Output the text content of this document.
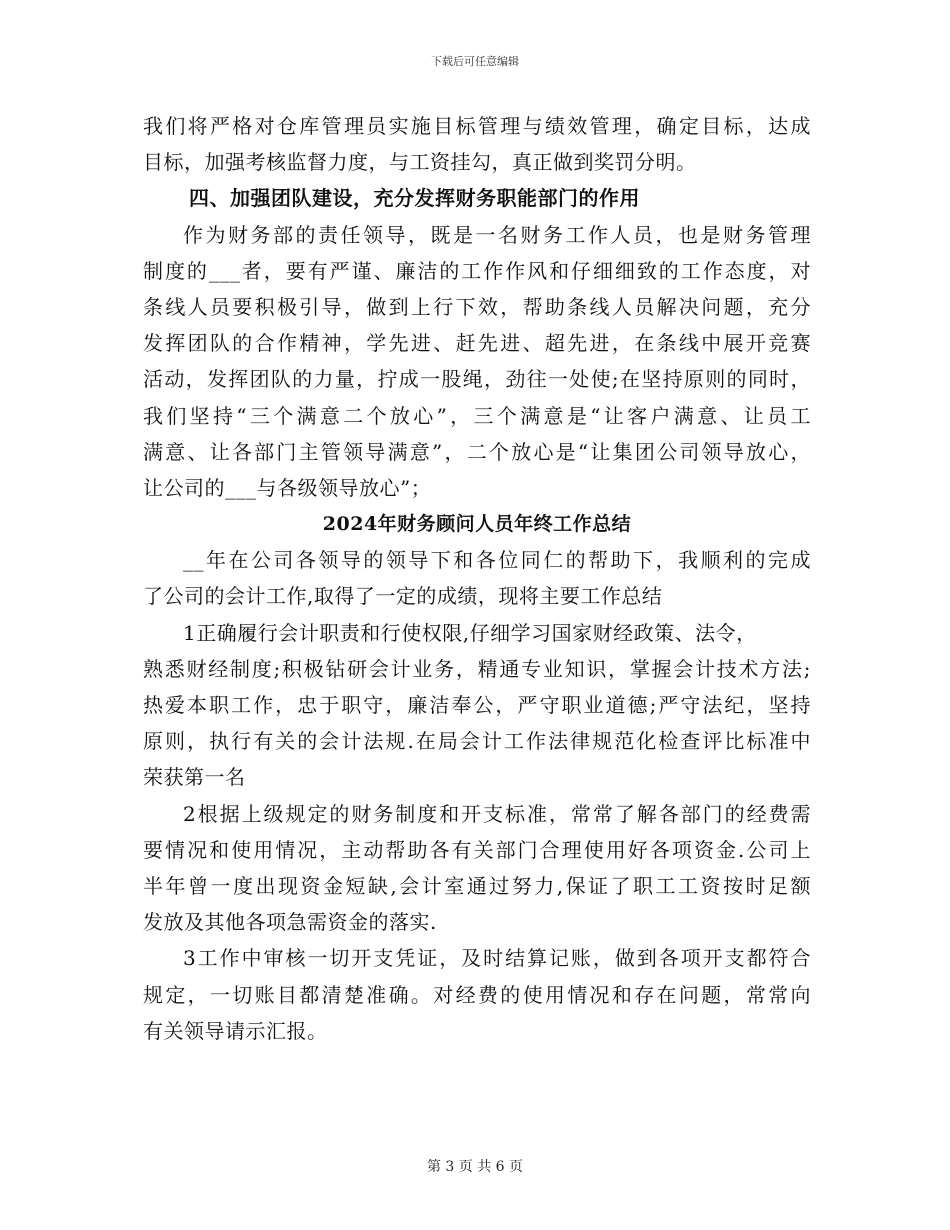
下载后可任意编辑
我们将严格对仓库管理员实施目标管理与绩效管理，确定目标，达成
目标，加强考核监督力度，与工资挂勾，真正做到奖罚分明。
四、加强团队建设，充分发挥财务职能部门的作用
作为财务部的责任领导，既是一名财务工作人员，也是财务管理
制度的___者，要有严谨、廉洁的工作作风和仔细细致的工作态度，对
条线人员要积极引导，做到上行下效，帮助条线人员解决问题，充分
发挥团队的合作精神，学先进、赶先进、超先进，在条线中展开竞赛
活动，发挥团队的力量，拧成一股绳，劲往一处使;在坚持原则的同时，
我们坚持“三个满意二个放心”，三个满意是“让客户满意、让员工
满意、让各部门主管领导满意”，二个放心是“让集团公司领导放心，
让公司的___与各级领导放心”；
2024年财务顾问人员年终工作总结
__年在公司各领导的领导下和各位同仁的帮助下，我顺利的完成
了公司的会计工作,取得了一定的成绩，现将主要工作总结
1正确履行会计职责和行使权限,仔细学习国家财经政策、法令，
熟悉财经制度;积极钻研会计业务，精通专业知识，掌握会计技术方法;
热爱本职工作，忠于职守，廉洁奉公，严守职业道德;严守法纪，坚持
原则，执行有关的会计法规.在局会计工作法律规范化检查评比标准中
荣获第一名
2根据上级规定的财务制度和开支标准，常常了解各部门的经费需
要情况和使用情况，主动帮助各有关部门合理使用好各项资金.公司上
半年曾一度出现资金短缺,会计室通过努力,保证了职工工资按时足额
发放及其他各项急需资金的落实.
3工作中审核一切开支凭证，及时结算记账，做到各项开支都符合
规定，一切账目都清楚准确。对经费的使用情况和存在问题，常常向
有关领导请示汇报。
第 3 页 共 6 页
